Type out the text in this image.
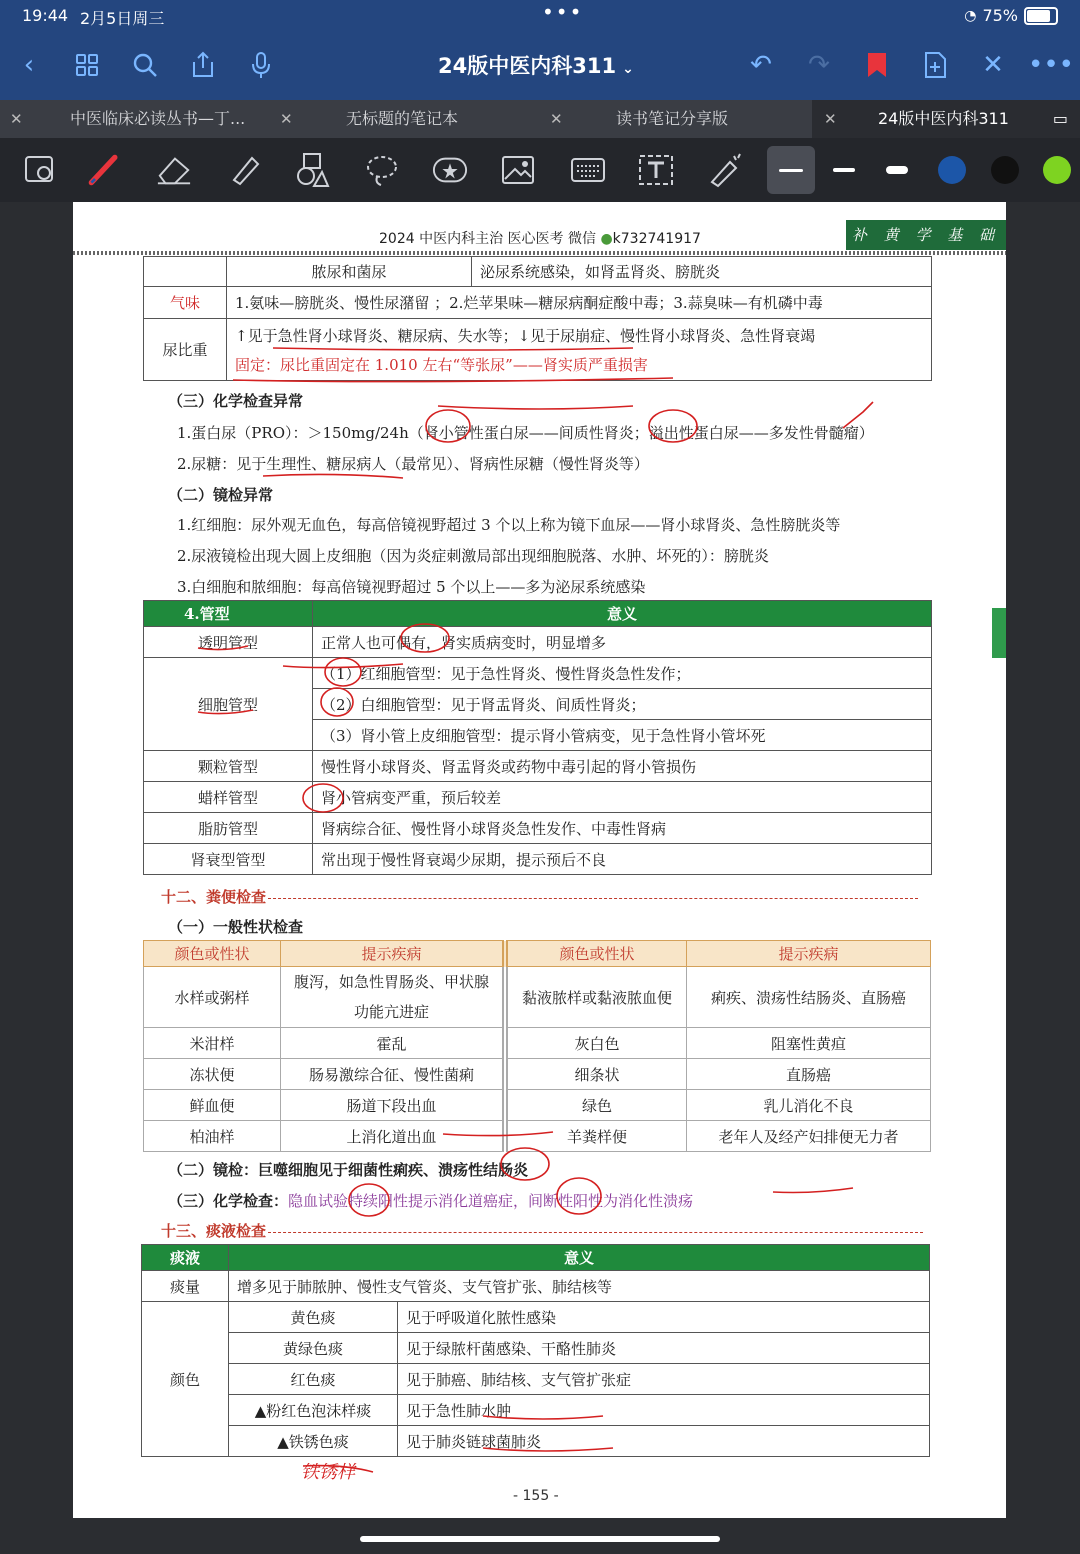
19:44 2月5日周三	•••	◔ 75%
‹	24版中医内科311 ⌄	↶ ↷	✕ •••
✕	中医临床必读丛书—丁...	✕	无标题的笔记本	✕	读书笔记分享版	✕	24版中医内科311	▭
2024 中医内科主治 医心医考 微信 ●k732741917	补 黄 学 基 础
	脓尿和菌尿	泌尿系统感染，如肾盂肾炎、膀胱炎
气味	1.氨味—膀胱炎、慢性尿潴留 ；2.烂苹果味—糖尿病酮症酸中毒；3.蒜臭味—有机磷中毒	
尿比重	↑见于急性肾小球肾炎、糖尿病、失水等；↓见于尿崩症、慢性肾小球肾炎、急性肾衰竭
固定：尿比重固定在 1.010 左右“等张尿”——肾实质严重损害	
（三）化学检查异常
1.蛋白尿（PRO）：＞150mg/24h（肾小管性蛋白尿——间质性肾炎；溢出性蛋白尿——多发性骨髓瘤）
2.尿糖：见于生理性、糖尿病人（最常见）、肾病性尿糖（慢性肾炎等）
（二）镜检异常
1.红细胞：尿外观无血色，每高倍镜视野超过 3 个以上称为镜下血尿——肾小球肾炎、急性膀胱炎等
2.尿液镜检出现大圆上皮细胞（因为炎症刺激局部出现细胞脱落、水肿、坏死的）：膀胱炎
3.白细胞和脓细胞：每高倍镜视野超过 5 个以上——多为泌尿系统感染
4.管型	意义
透明管型	正常人也可偶有，肾实质病变时，明显增多
细胞管型	（1）红细胞管型：见于急性肾炎、慢性肾炎急性发作；
	（2）白细胞管型：见于肾盂肾炎、间质性肾炎；
	（3）肾小管上皮细胞管型：提示肾小管病变，见于急性肾小管坏死
颗粒管型	慢性肾小球肾炎、肾盂肾炎或药物中毒引起的肾小管损伤
蜡样管型	肾小管病变严重，预后较差
脂肪管型	肾病综合征、慢性肾小球肾炎急性发作、中毒性肾病
肾衰型管型	常出现于慢性肾衰竭少尿期，提示预后不良
十二、粪便检查
（一）一般性状检查
颜色或性状	提示疾病	颜色或性状	提示疾病
水样或粥样	腹泻，如急性胃肠炎、甲状腺功能亢进症	黏液脓样或黏液脓血便	痢疾、溃疡性结肠炎、直肠癌
米泔样	霍乱	灰白色	阻塞性黄疸
冻状便	肠易激综合征、慢性菌痢	细条状	直肠癌
鲜血便	肠道下段出血	绿色	乳儿消化不良
柏油样	上消化道出血	羊粪样便	老年人及经产妇排便无力者
（二）镜检：巨噬细胞见于细菌性痢疾、溃疡性结肠炎
（三）化学检查：隐血试验持续阳性提示消化道癌症，间断性阳性为消化性溃疡
十三、痰液检查
痰液	意义	
痰量	增多见于肺脓肿、慢性支气管炎、支气管扩张、肺结核等	
颜色	黄色痰	见于呼吸道化脓性感染
	黄绿色痰	见于绿脓杆菌感染、干酪性肺炎
	红色痰	见于肺癌、肺结核、支气管扩张症
	▲粉红色泡沫样痰	见于急性肺水肿
	▲铁锈色痰	见于肺炎链球菌肺炎
铁锈样
- 155 -
